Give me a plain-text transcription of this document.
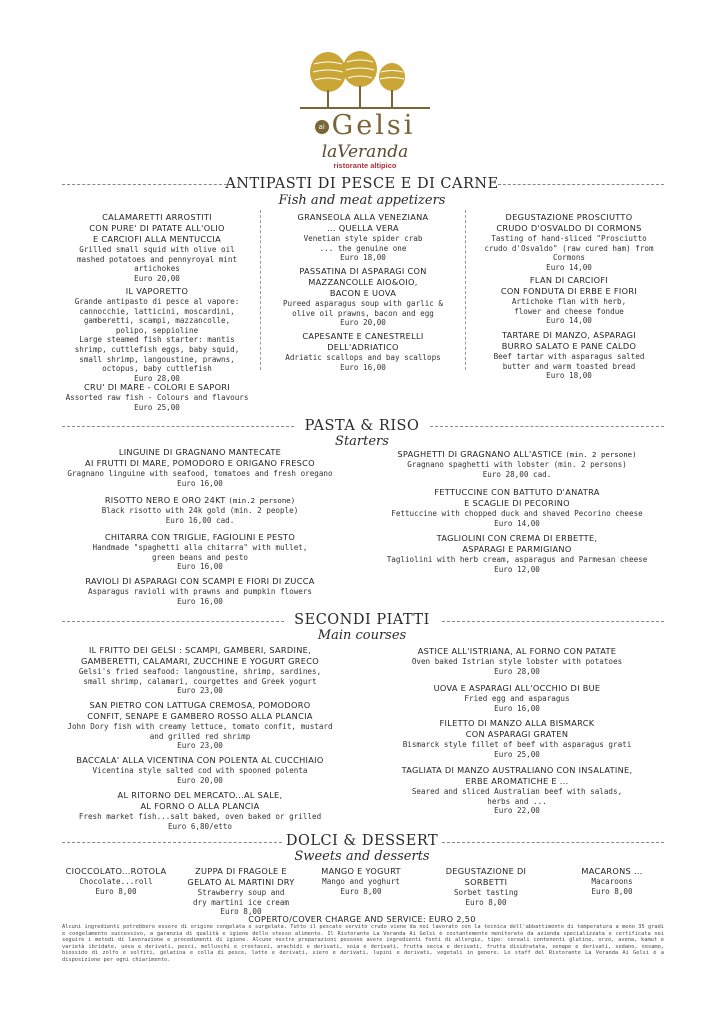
ai Gelsi
laVeranda
ristorante altipico
ANTIPASTI DI PESCE E DI CARNE
Fish and meat appetizers
CALAMARETTI ARROSTITI
CON PURE' DI PATATE ALL'OLIO
E CARCIOFI ALLA MENTUCCIA
Grilled small squid with olive oil
mashed potatoes and pennyroyal mint
artichokes
Euro 20,00
IL VAPORETTO
Grande antipasto di pesce al vapore:
cannocchie, latticini, moscardini,
gamberetti, scampi, mazzancolle,
polipo, seppioline
Large steamed fish starter: mantis
shrimp, cuttlefish eggs, baby squid,
small shrimp, langoustine, prawns,
octopus, baby cuttlefish
Euro 28,00
CRU' DI MARE - COLORI E SAPORI
Assorted raw fish - Colours and flavours
Euro 25,00
GRANSEOLA ALLA VENEZIANA
... QUELLA VERA
Venetian style spider crab
... the genuine one
Euro 18,00
PASSATINA DI ASPARAGI CON
MAZZANCOLLE AIO&OIO,
BACON E UOVA
Pureed asparagus soup with garlic &
olive oil prawns, bacon and egg
Euro 20,00
CAPESANTE E CANESTRELLI
DELL'ADRIATICO
Adriatic scallops and bay scallops
Euro 16,00
DEGUSTAZIONE PROSCIUTTO
CRUDO D'OSVALDO DI CORMONS
Tasting of hand-sliced "Prosciutto
crudo d'Osvaldo" (raw cured ham) from
Cormons
Euro 14,00
FLAN DI CARCIOFI
CON FONDUTA DI ERBE E FIORI
Artichoke flan with herb,
flower and cheese fondue
Euro 14,00
TARTARE DI MANZO, ASPARAGI
BURRO SALATO E PANE CALDO
Beef tartar with asparagus salted
butter and warm toasted bread
Euro 18,00
PASTA & RISO
Starters
LINGUINE DI GRAGNANO MANTECATE
AI FRUTTI DI MARE, POMODORO E ORIGANO FRESCO
Gragnano linguine with seafood, tomatoes and fresh oregano
Euro 16,00
RISOTTO NERO E ORO 24KT (min.2 persone)
Black risotto with 24k gold (min. 2 people)
Euro 16,00 cad.
CHITARRA CON TRIGLIE, FAGIOLINI E PESTO
Handmade "spaghetti alla chitarra" with mullet,
green beans and pesto
Euro 16,00
RAVIOLI DI ASPARAGI CON SCAMPI E FIORI DI ZUCCA
Asparagus ravioli with prawns and pumpkin flowers
Euro 16,00
SPAGHETTI DI GRAGNANO ALL'ASTICE (min. 2 persone)
Gragnano spaghetti with lobster (min. 2 persons)
Euro 28,00 cad.
FETTUCCINE CON BATTUTO D'ANATRA
E SCAGLIE DI PECORINO
Fettuccine with chopped duck and shaved Pecorino cheese
Euro 14,00
TAGLIOLINI CON CREMA DI ERBETTE,
ASPARAGI E PARMIGIANO
Tagliolini with herb cream, asparagus and Parmesan cheese
Euro 12,00
SECONDI PIATTI
Main courses
IL FRITTO DEI GELSI : SCAMPI, GAMBERI, SARDINE,
GAMBERETTI, CALAMARI, ZUCCHINE E YOGURT GRECO
Gelsi's fried seafood: langoustine, shrimp, sardines,
small shrimp, calamari, courgettes and Greek yogurt
Euro 23,00
SAN PIETRO CON LATTUGA CREMOSA, POMODORO
CONFIT, SENAPE E GAMBERO ROSSO ALLA PLANCIA
John Dory fish with creamy lettuce, tomato confit, mustard
and grilled red shrimp
Euro 23,00
BACCALA' ALLA VICENTINA CON POLENTA AL CUCCHIAIO
Vicentina style salted cod with spooned polenta
Euro 20,00
AL RITORNO DEL MERCATO...AL SALE,
AL FORNO O ALLA PLANCIA
Fresh market fish...salt baked, oven baked or grilled
Euro 6,80/etto
ASTICE ALL'ISTRIANA, AL FORNO CON PATATE
Oven baked Istrian style lobster with potatoes
Euro 28,00
UOVA E ASPARAGI ALL'OCCHIO DI BUE
Fried egg and asparagus
Euro 16,00
FILETTO DI MANZO ALLA BISMARCK
CON ASPARAGI GRATEN
Bismarck style fillet of beef with asparagus grati
Euro 25,00
TAGLIATA DI MANZO AUSTRALIANO CON INSALATINE,
ERBE AROMATICHE E ...
Seared and sliced Australian beef with salads,
herbs and ...
Euro 22,00
DOLCI & DESSERT
Sweets and desserts
CIOCCOLATO...ROTOLA
Chocolate...roll
Euro 8,00
ZUPPA DI FRAGOLE E
GELATO AL MARTINI DRY
Strawberry soup and
dry martini ice cream
Euro 8,00
MANGO E YOGURT
Mango and yoghurt
Euro 8,00
DEGUSTAZIONE DI
SORBETTI
Sorbet tasting
Euro 8,00
MACARONS ...
Macaroons
Euro 8,00
COPERTO/COVER CHARGE AND SERVICE: EURO 2,50
Alcuni ingredienti potrebbero essere di origine congelata o surgelata. Tutto il pescato servito crudo viene da noi lavorato con la tecnica dell'abbattimento di temperatura a meno 35 gradi e congelamento successivo, a garanzia di qualità e igiene dello stesso alimento. Il Ristorante La Veranda Ai Gelsi è costantemente monitorato da azienda specializzata e certificata nei seguire i metodi di lavorazione e procedimenti di igiene. Alcune nostre preparazioni possono avere ingredienti fonti di allergie, tipo: cereali contenenti glutine, orzo, avena, kamut e varietà ibridate, uova e derivati, pesci, molluschi e crostacei, arachidi e derivati, soia e derivati, frutta secca e derivati, frutta disidratata, senape e derivati, sedano, sesamo, biossido di zolfo e solfiti, gelatina e colla di pesce, latte e derivati, siero e derivati, lupini e derivati, vegetali in genere. Lo staff del Ristorante La Veranda Ai Gelsi è a disposizione per ogni chiarimento.
